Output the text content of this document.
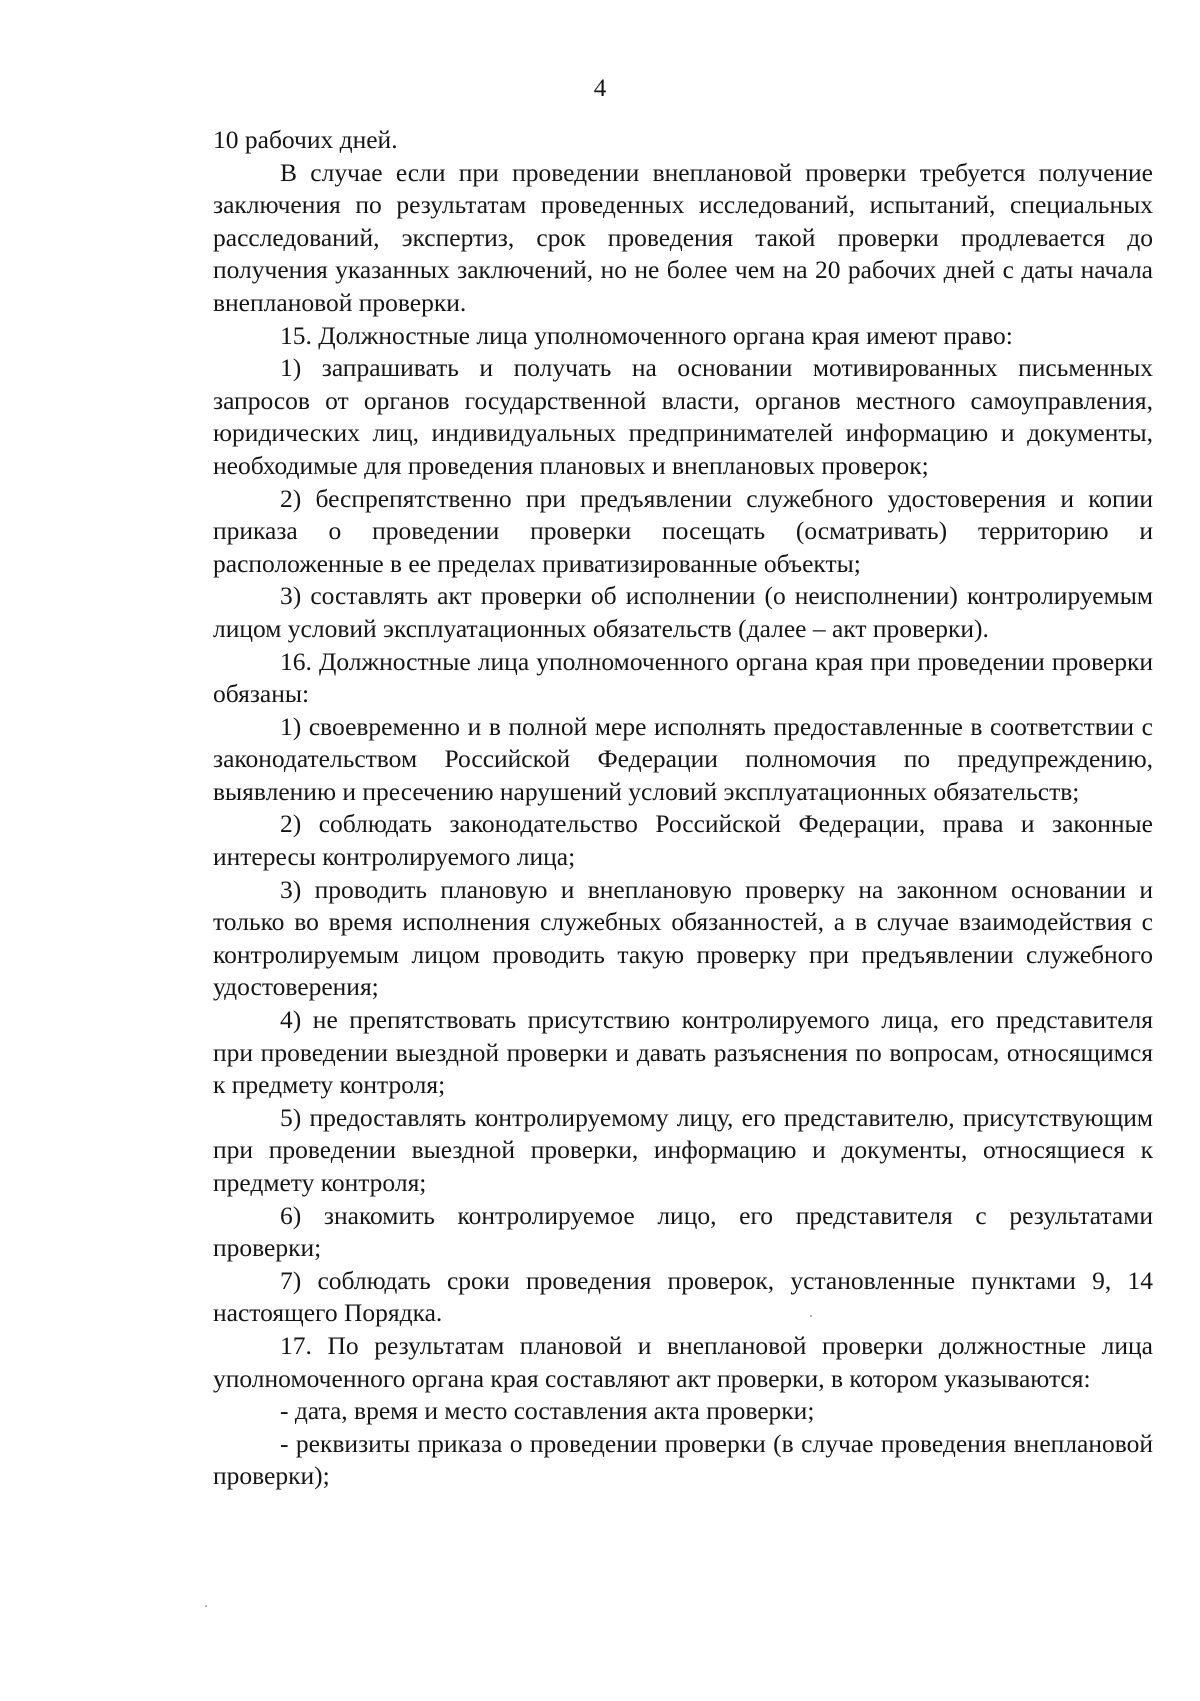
4

10 рабочих дней.

В случае если при проведении внеплановой проверки требуется получение заключения по результатам проведенных исследований, испытаний, специальных расследований, экспертиз, срок проведения такой проверки продлевается до получения указанных заключений, но не более чем на 20 рабочих дней с даты начала внеплановой проверки.

15. Должностные лица уполномоченного органа края имеют право:

1) запрашивать и получать на основании мотивированных письменных запросов от органов государственной власти, органов местного самоуправления, юридических лиц, индивидуальных предпринимателей информацию и документы, необходимые для проведения плановых и внеплановых проверок;

2) беспрепятственно при предъявлении служебного удостоверения и копии приказа о проведении проверки посещать (осматривать) территорию и расположенные в ее пределах приватизированные объекты;

3) составлять акт проверки об исполнении (о неисполнении) контролируемым лицом условий эксплуатационных обязательств (далее – акт проверки).

16. Должностные лица уполномоченного органа края при проведении проверки обязаны:

1) своевременно и в полной мере исполнять предоставленные в соответствии с законодательством Российской Федерации полномочия по предупреждению, выявлению и пресечению нарушений условий эксплуатационных обязательств;

2) соблюдать законодательство Российской Федерации, права и законные интересы контролируемого лица;

3) проводить плановую и внеплановую проверку на законном основании и только во время исполнения служебных обязанностей, а в случае взаимодействия с контролируемым лицом проводить такую проверку при предъявлении служебного удостоверения;

4) не препятствовать присутствию контролируемого лица, его представителя при проведении выездной проверки и давать разъяснения по вопросам, относящимся к предмету контроля;

5) предоставлять контролируемому лицу, его представителю, присутствующим при проведении выездной проверки, информацию и документы, относящиеся к предмету контроля;

6) знакомить контролируемое лицо, его представителя с результатами проверки;

7) соблюдать сроки проведения проверок, установленные пунктами 9, 14 настоящего Порядка.

17. По результатам плановой и внеплановой проверки должностные лица уполномоченного органа края составляют акт проверки, в котором указываются:

- дата, время и место составления акта проверки;

- реквизиты приказа о проведении проверки (в случае проведения внеплановой проверки);
